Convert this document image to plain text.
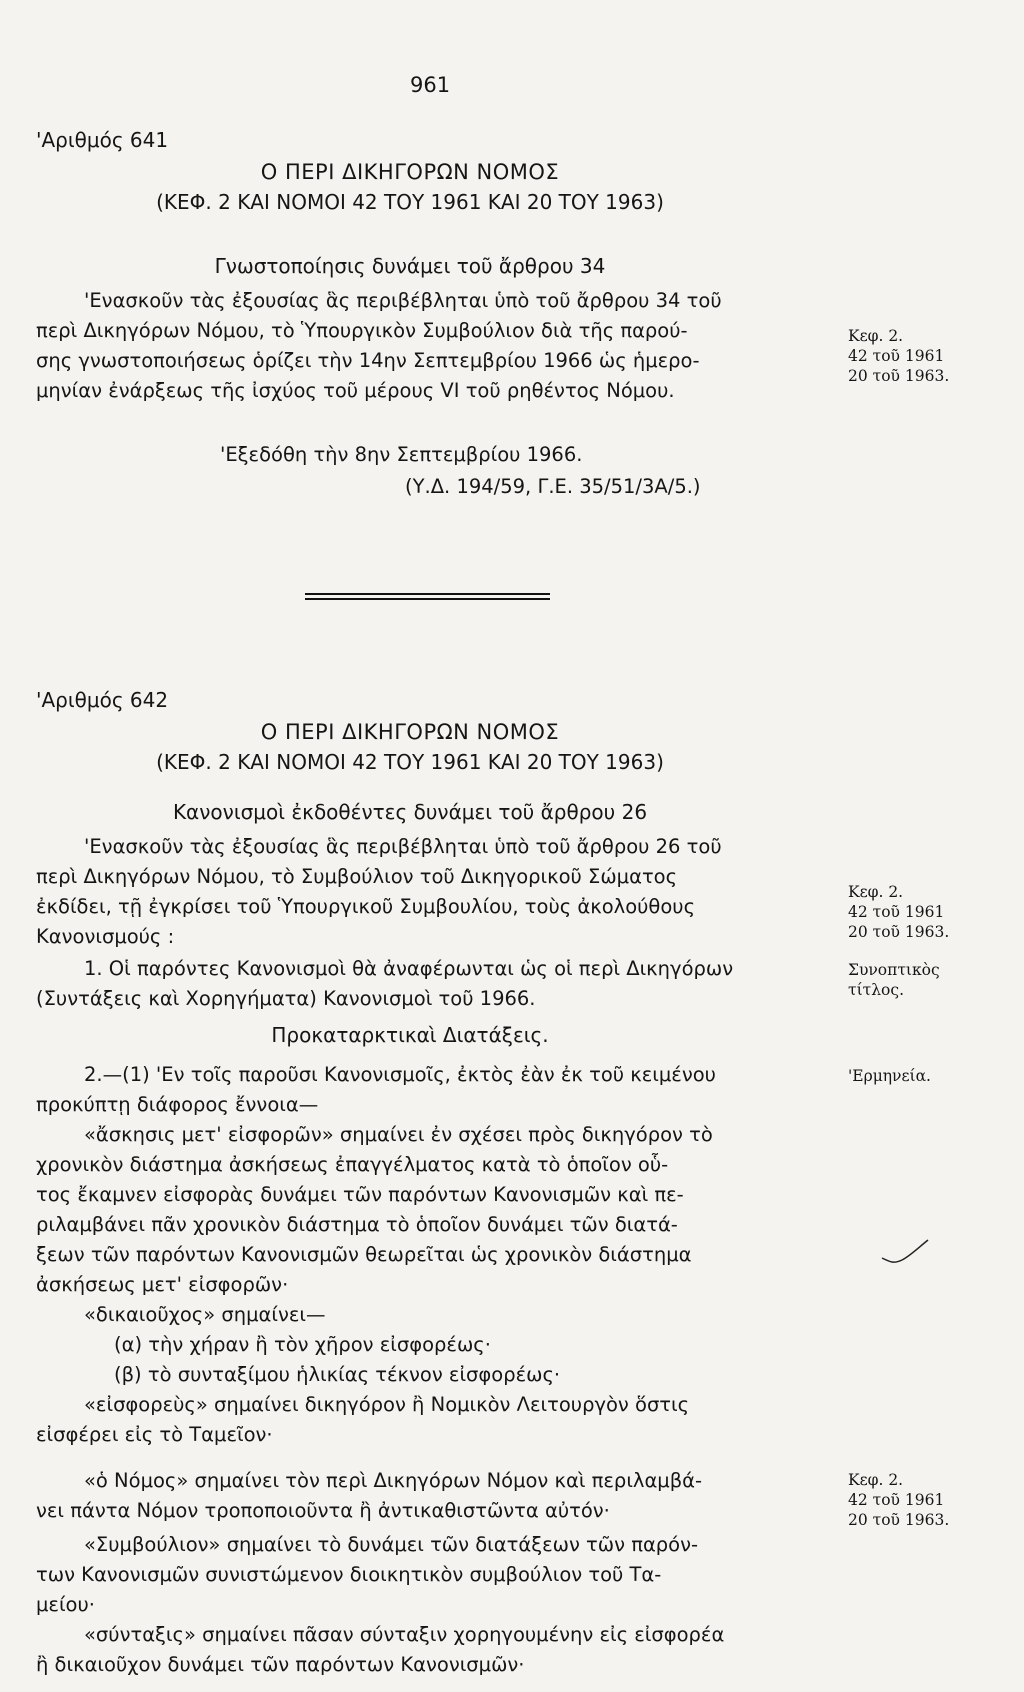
961
'Αριθμός 641
Ο ΠΕΡΙ ΔΙΚΗΓΟΡΩΝ ΝΟΜΟΣ
(ΚΕΦ. 2 ΚΑΙ ΝΟΜΟΙ 42 ΤΟΥ 1961 ΚΑΙ 20 ΤΟΥ 1963)
Γνωστοποίησις δυνάμει τοῦ ἄρθρου 34

'Ενασκοῦν τὰς ἐξουσίας ἃς περιβέβληται ὑπὸ τοῦ ἄρθρου 34 τοῦ

περὶ Δικηγόρων Νόμου, τὸ Ὑπουργικὸν Συμβούλιον διὰ τῆς παρού-

σης γνωστοποιήσεως ὁρίζει τὴν 14ην Σεπτεμβρίου 1966 ὡς ἡμερο-

μηνίαν ἐνάρξεως τῆς ἰσχύος τοῦ μέρους VI τοῦ ρηθέντος Νόμου.

Κεφ. 2.
42 τοῦ 1961
20 τοῦ 1963.
'Εξεδόθη τὴν 8ην Σεπτεμβρίου 1966.
(Υ.Δ. 194/59, Γ.Ε. 35/51/3Α/5.)
'Αριθμός 642
Ο ΠΕΡΙ ΔΙΚΗΓΟΡΩΝ ΝΟΜΟΣ
(ΚΕΦ. 2 ΚΑΙ ΝΟΜΟΙ 42 ΤΟΥ 1961 ΚΑΙ 20 ΤΟΥ 1963)
Κανονισμοὶ ἐκδοθέντες δυνάμει τοῦ ἄρθρου 26

'Ενασκοῦν τὰς ἐξουσίας ἃς περιβέβληται ὑπὸ τοῦ ἄρθρου 26 τοῦ

περὶ Δικηγόρων Νόμου, τὸ Συμβούλιον τοῦ Δικηγορικοῦ Σώματος

ἐκδίδει, τῇ ἐγκρίσει τοῦ Ὑπουργικοῦ Συμβουλίου, τοὺς ἀκολούθους

Κανονισμούς :

Κεφ. 2.
42 τοῦ 1961
20 τοῦ 1963.

1. Οἱ παρόντες Κανονισμοὶ θὰ ἀναφέρωνται ὡς οἱ περὶ Δικηγόρων

(Συντάξεις καὶ Χορηγήματα) Κανονισμοὶ τοῦ 1966.

Συνοπτικὸς
τίτλος.
Προκαταρκτικαὶ Διατάξεις.

2.—(1) 'Εν τοῖς παροῦσι Κανονισμοῖς, ἐκτὸς ἐὰν ἐκ τοῦ κειμένου

προκύπτῃ διάφορος ἔννοια—

'Ερμηνεία.

«ἄσκησις μετ' εἰσφορῶν» σημαίνει ἐν σχέσει πρὸς δικηγόρον τὸ

χρονικὸν διάστημα ἀσκήσεως ἐπαγγέλματος κατὰ τὸ ὁποῖον οὗ-

τος ἔκαμνεν εἰσφορὰς δυνάμει τῶν παρόντων Κανονισμῶν καὶ πε-

ριλαμβάνει πᾶν χρονικὸν διάστημα τὸ ὁποῖον δυνάμει τῶν διατά-

ξεων τῶν παρόντων Κανονισμῶν θεωρεῖται ὡς χρονικὸν διάστημα

ἀσκήσεως μετ' εἰσφορῶν·

«δικαιοῦχος» σημαίνει—

(α) τὴν χήραν ἢ τὸν χῆρον εἰσφορέως·

(β) τὸ συνταξίμου ἡλικίας τέκνον εἰσφορέως·

«εἰσφορεὺς» σημαίνει δικηγόρον ἢ Νομικὸν Λειτουργὸν ὅστις

εἰσφέρει εἰς τὸ Ταμεῖον·

«ὁ Νόμος» σημαίνει τὸν περὶ Δικηγόρων Νόμον καὶ περιλαμβά-

νει πάντα Νόμον τροποποιοῦντα ἢ ἀντικαθιστῶντα αὐτόν·

Κεφ. 2.
42 τοῦ 1961
20 τοῦ 1963.

«Συμβούλιον» σημαίνει τὸ δυνάμει τῶν διατάξεων τῶν παρόν-

των Κανονισμῶν συνιστώμενον διοικητικὸν συμβούλιον τοῦ Τα-

μείου·

«σύνταξις» σημαίνει πᾶσαν σύνταξιν χορηγουμένην εἰς εἰσφορέα

ἢ δικαιοῦχον δυνάμει τῶν παρόντων Κανονισμῶν·
